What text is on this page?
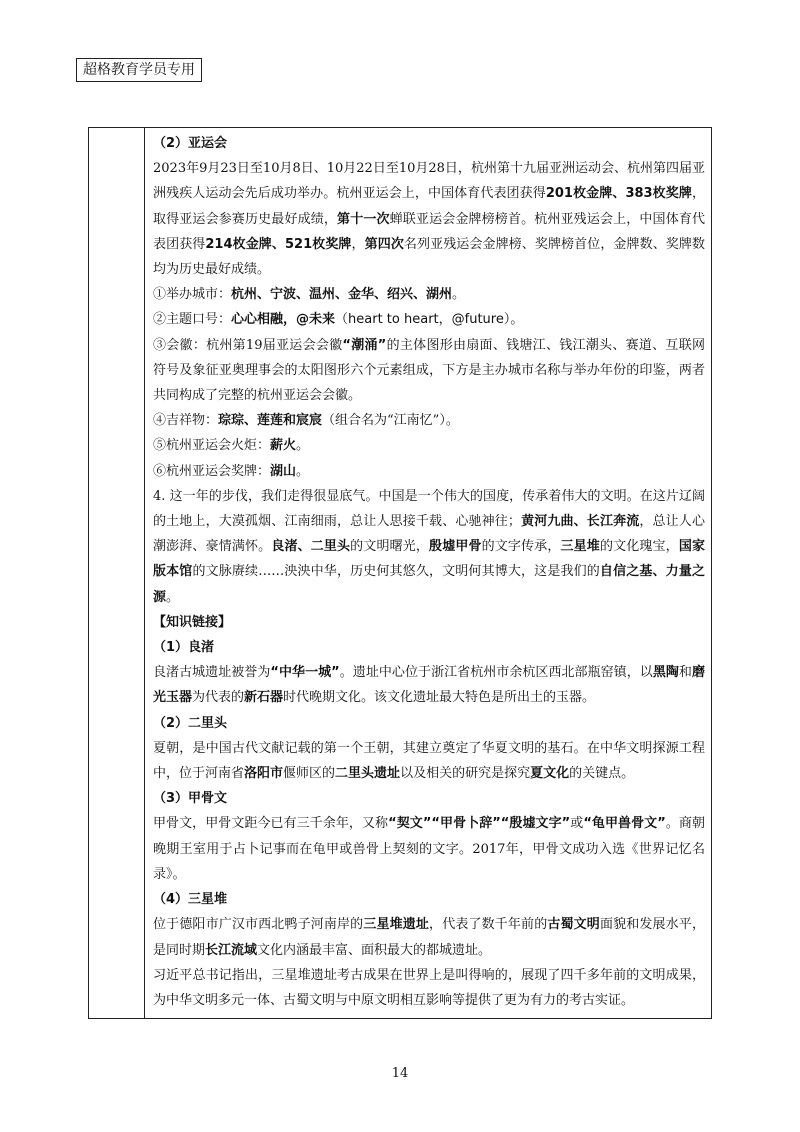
超格教育学员专用

（2）亚运会

2023年9月23日至10月8日、10月22日至10月28日，杭州第十九届亚洲运动会、杭州第四届亚洲残疾人运动会先后成功举办。杭州亚运会上，中国体育代表团获得201枚金牌、383枚奖牌，取得亚运会参赛历史最好成绩，第十一次蝉联亚运会金牌榜榜首。杭州亚残运会上，中国体育代表团获得214枚金牌、521枚奖牌，第四次名列亚残运会金牌榜、奖牌榜首位，金牌数、奖牌数均为历史最好成绩。

①举办城市：杭州、宁波、温州、金华、绍兴、湖州。

②主题口号：心心相融，@未来（heart to heart，@future）。

③会徽：杭州第19届亚运会会徽“潮涌”的主体图形由扇面、钱塘江、钱江潮头、赛道、互联网符号及象征亚奥理事会的太阳图形六个元素组成，下方是主办城市名称与举办年份的印鉴，两者共同构成了完整的杭州亚运会会徽。

④吉祥物：琮琮、莲莲和宸宸（组合名为“江南忆”）。

⑤杭州亚运会火炬：薪火。

⑥杭州亚运会奖牌：湖山。

4. 这一年的步伐，我们走得很显底气。中国是一个伟大的国度，传承着伟大的文明。在这片辽阔的土地上，大漠孤烟、江南细雨，总让人思接千载、心驰神往；黄河九曲、长江奔流，总让人心潮澎湃、豪情满怀。良渚、二里头的文明曙光，殷墟甲骨的文字传承，三星堆的文化瑰宝，国家版本馆的文脉赓续……泱泱中华，历史何其悠久，文明何其博大，这是我们的自信之基、力量之源。

【知识链接】

（1）良渚

良渚古城遗址被誉为“中华一城”。遗址中心位于浙江省杭州市余杭区西北部瓶窑镇，以黑陶和磨光玉器为代表的新石器时代晚期文化。该文化遗址最大特色是所出土的玉器。

（2）二里头

夏朝，是中国古代文献记载的第一个王朝，其建立奠定了华夏文明的基石。在中华文明探源工程中，位于河南省洛阳市偃师区的二里头遗址以及相关的研究是探究夏文化的关键点。

（3）甲骨文

甲骨文，甲骨文距今已有三千余年，又称“契文”“甲骨卜辞”“殷墟文字”或“龟甲兽骨文”。商朝晚期王室用于占卜记事而在龟甲或兽骨上契刻的文字。2017年，甲骨文成功入选《世界记忆名录》。

（4）三星堆

位于德阳市广汉市西北鸭子河南岸的三星堆遗址，代表了数千年前的古蜀文明面貌和发展水平，是同时期长江流域文化内涵最丰富、面积最大的都城遗址。

习近平总书记指出，三星堆遗址考古成果在世界上是叫得响的，展现了四千多年前的文明成果，为中华文明多元一体、古蜀文明与中原文明相互影响等提供了更为有力的考古实证。

14
